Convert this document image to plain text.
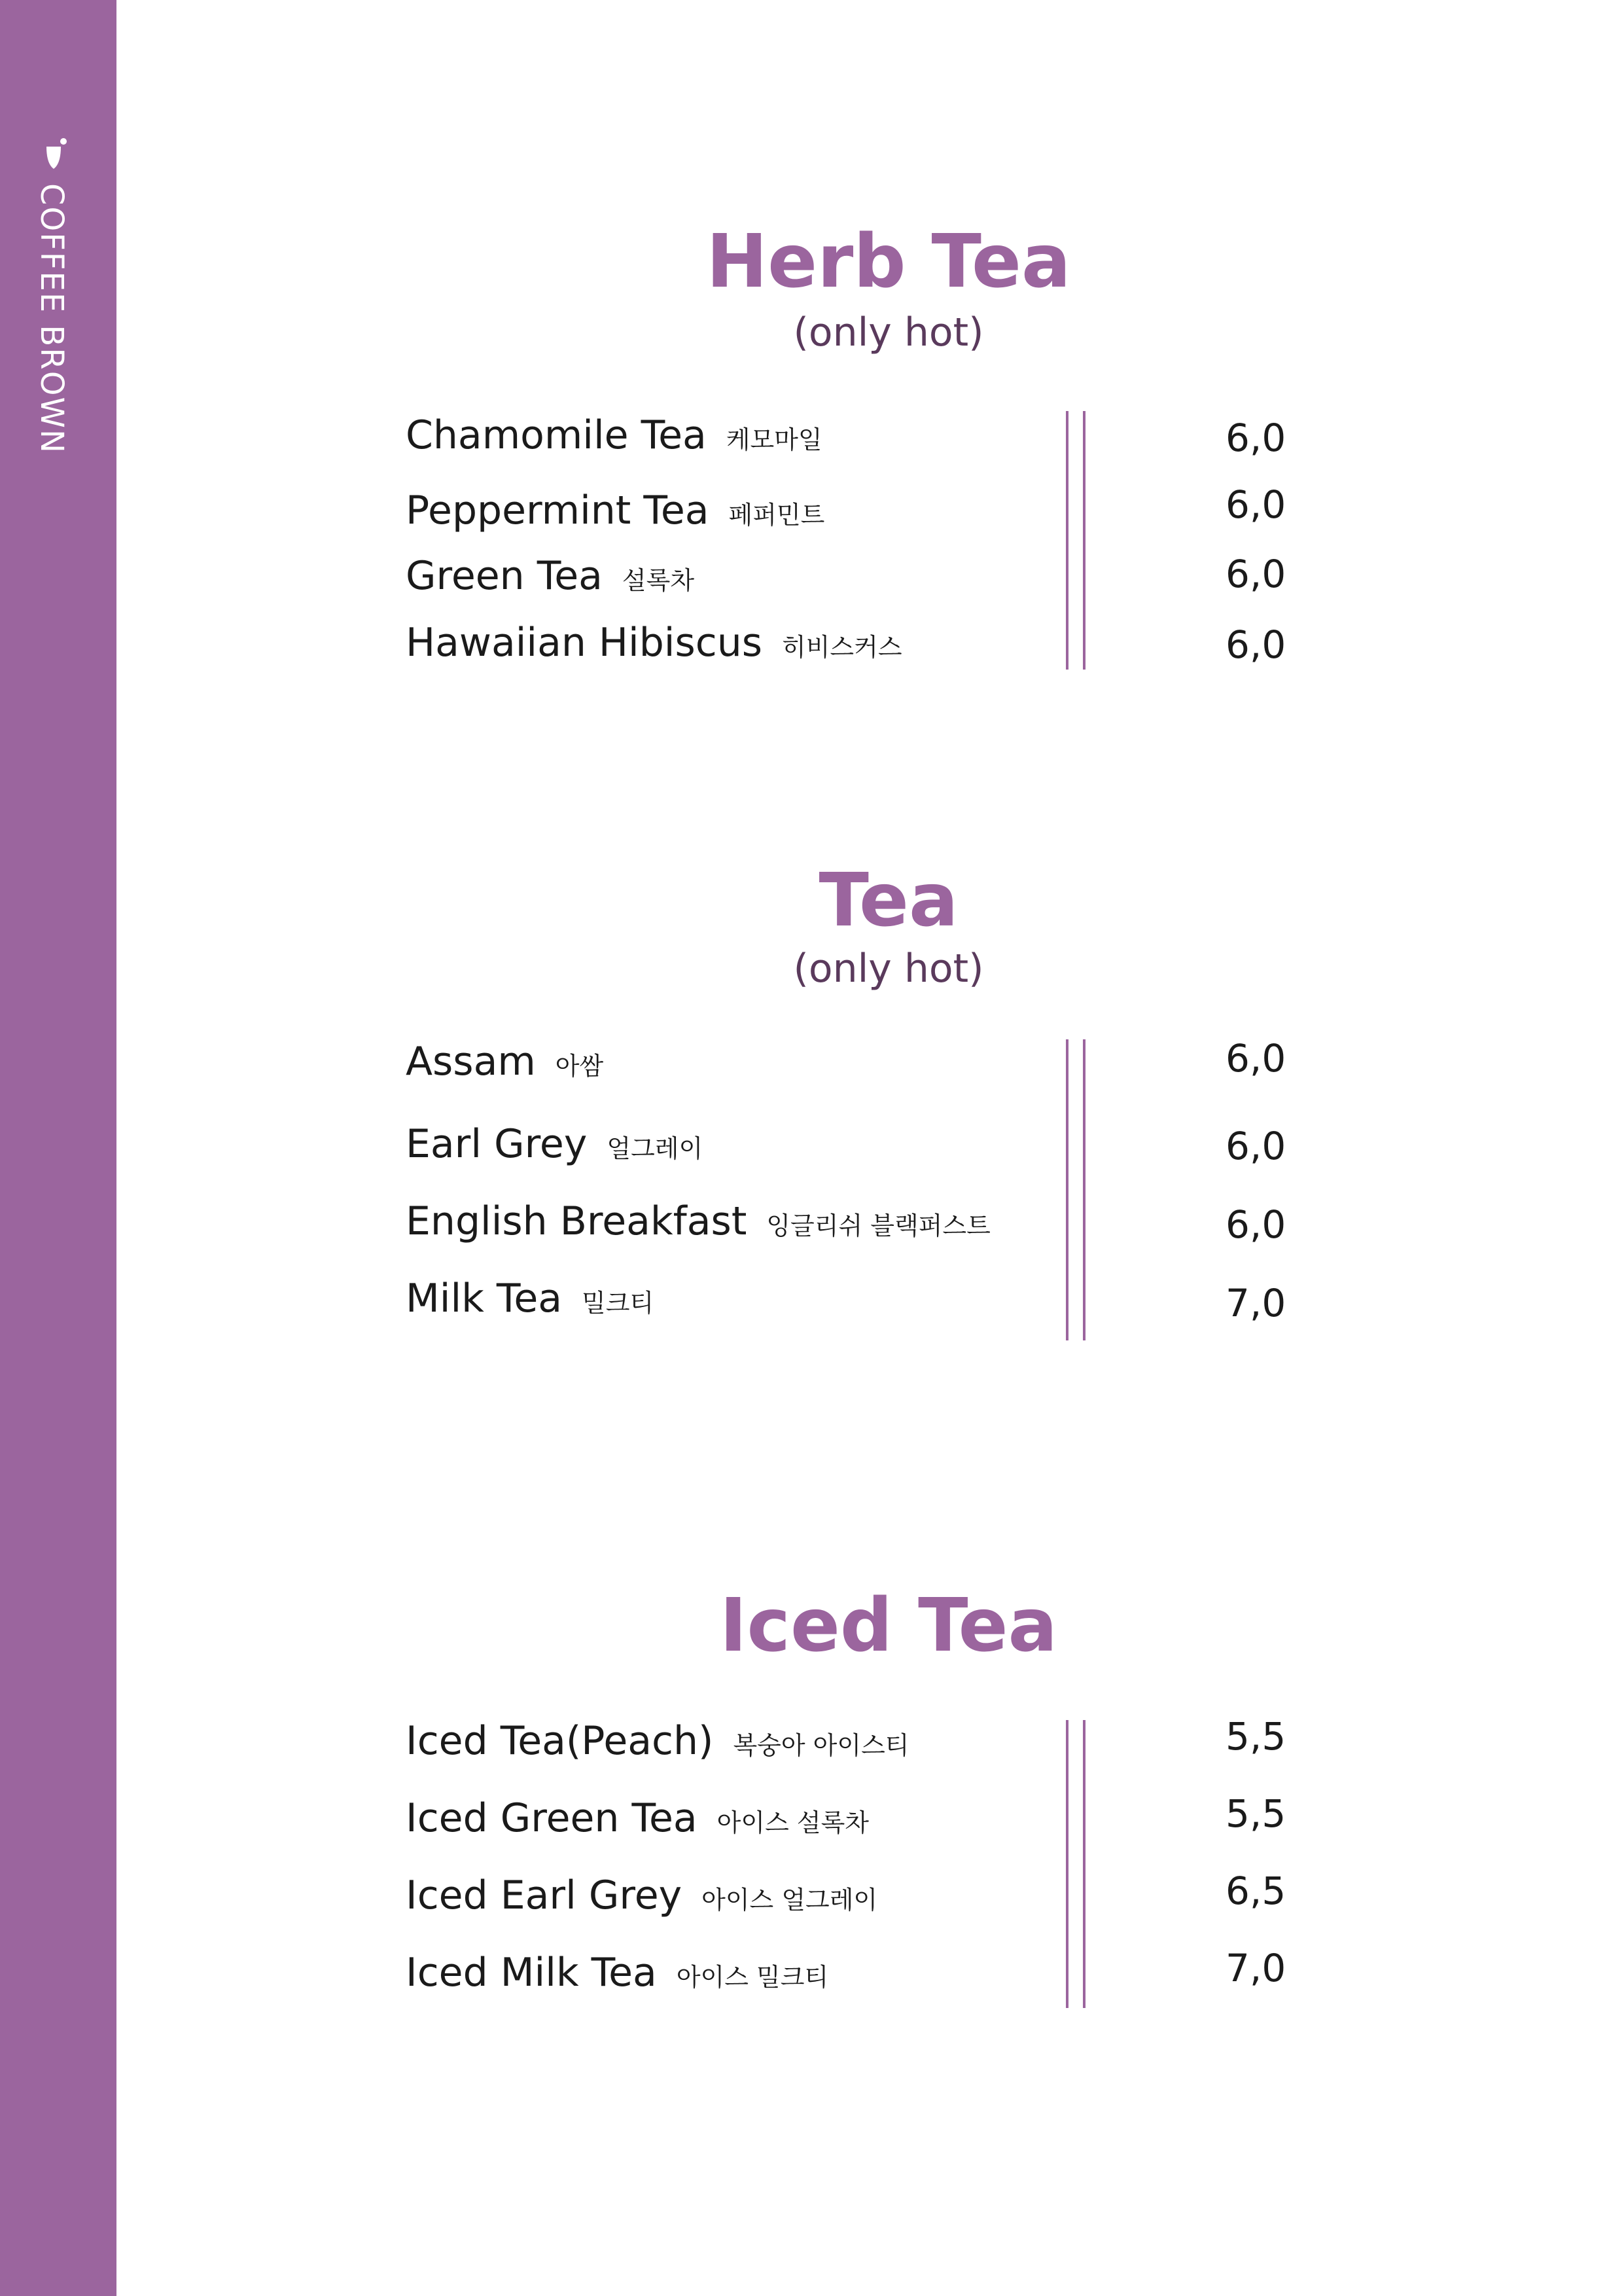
COFFEE BROWN	Herb Tea
(only hot)
Chamomile Tea 케모마일
Peppermint Tea 페퍼민트
Green Tea 설록차
Hawaiian Hibiscus 히비스커스
6,0
6,0
6,0
6,0
Tea
(only hot)
Assam 아쌈
Earl Grey 얼그레이
English Breakfast 잉글리쉬 블랙퍼스트
Milk Tea 밀크티
6,0
6,0
6,0
7,0
Iced Tea
Iced Tea(Peach) 복숭아 아이스티
Iced Green Tea 아이스 설록차
Iced Earl Grey 아이스 얼그레이
Iced Milk Tea 아이스 밀크티
5,5
5,5
6,5
7,0
